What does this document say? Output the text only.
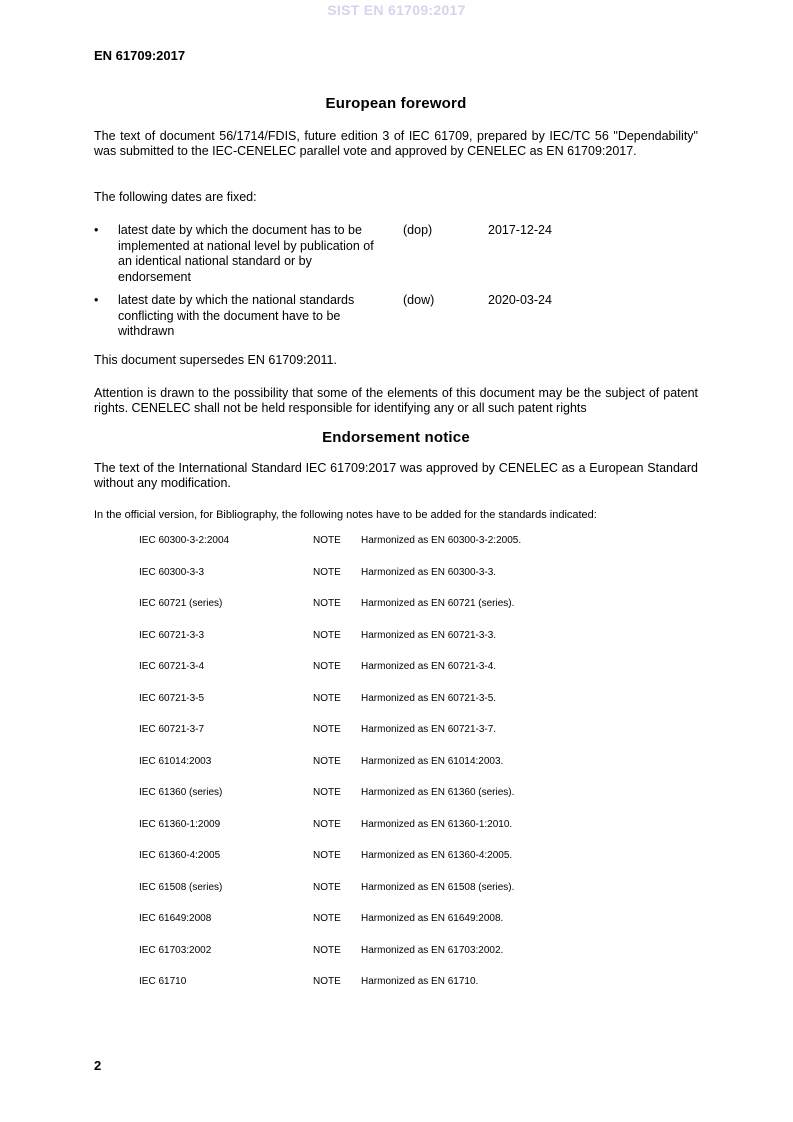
SIST EN 61709:2017
EN 61709:2017
European foreword

The text of document 56/1714/FDIS, future edition 3 of IEC 61709, prepared by IEC/TC 56 "Dependability" was submitted to the IEC-CENELEC parallel vote and approved by CENELEC as EN 61709:2017.

The following dates are fixed:

•	latest date by which the document has to be implemented at national level by publication of an identical national standard or by endorsement
(dop)	2017-12-24
•	latest date by which the national standards conflicting with the document have to be withdrawn
(dow)	2020-03-24

This document supersedes EN 61709:2011.

Attention is drawn to the possibility that some of the elements of this document may be the subject of patent rights. CENELEC shall not be held responsible for identifying any or all such patent rights

Endorsement notice

The text of the International Standard IEC 61709:2017 was approved by CENELEC as a European Standard without any modification.

In the official version, for Bibliography, the following notes have to be added for the standards indicated:

IEC 60300-3-2:2004	NOTE Harmonized as EN 60300-3-2:2005.
IEC 60300-3-3	NOTE Harmonized as EN 60300-3-3.
IEC 60721 (series)	NOTE Harmonized as EN 60721 (series).
IEC 60721-3-3	NOTE Harmonized as EN 60721-3-3.
IEC 60721-3-4	NOTE Harmonized as EN 60721-3-4.
IEC 60721-3-5	NOTE Harmonized as EN 60721-3-5.
IEC 60721-3-7	NOTE Harmonized as EN 60721-3-7.
IEC 61014:2003	NOTE Harmonized as EN 61014:2003.
IEC 61360 (series)	NOTE Harmonized as EN 61360 (series).
IEC 61360-1:2009	NOTE Harmonized as EN 61360-1:2010.
IEC 61360-4:2005	NOTE Harmonized as EN 61360-4:2005.
IEC 61508 (series)	NOTE Harmonized as EN 61508 (series).
IEC 61649:2008	NOTE Harmonized as EN 61649:2008.
IEC 61703:2002	NOTE Harmonized as EN 61703:2002.
IEC 61710	NOTE Harmonized as EN 61710.
2
